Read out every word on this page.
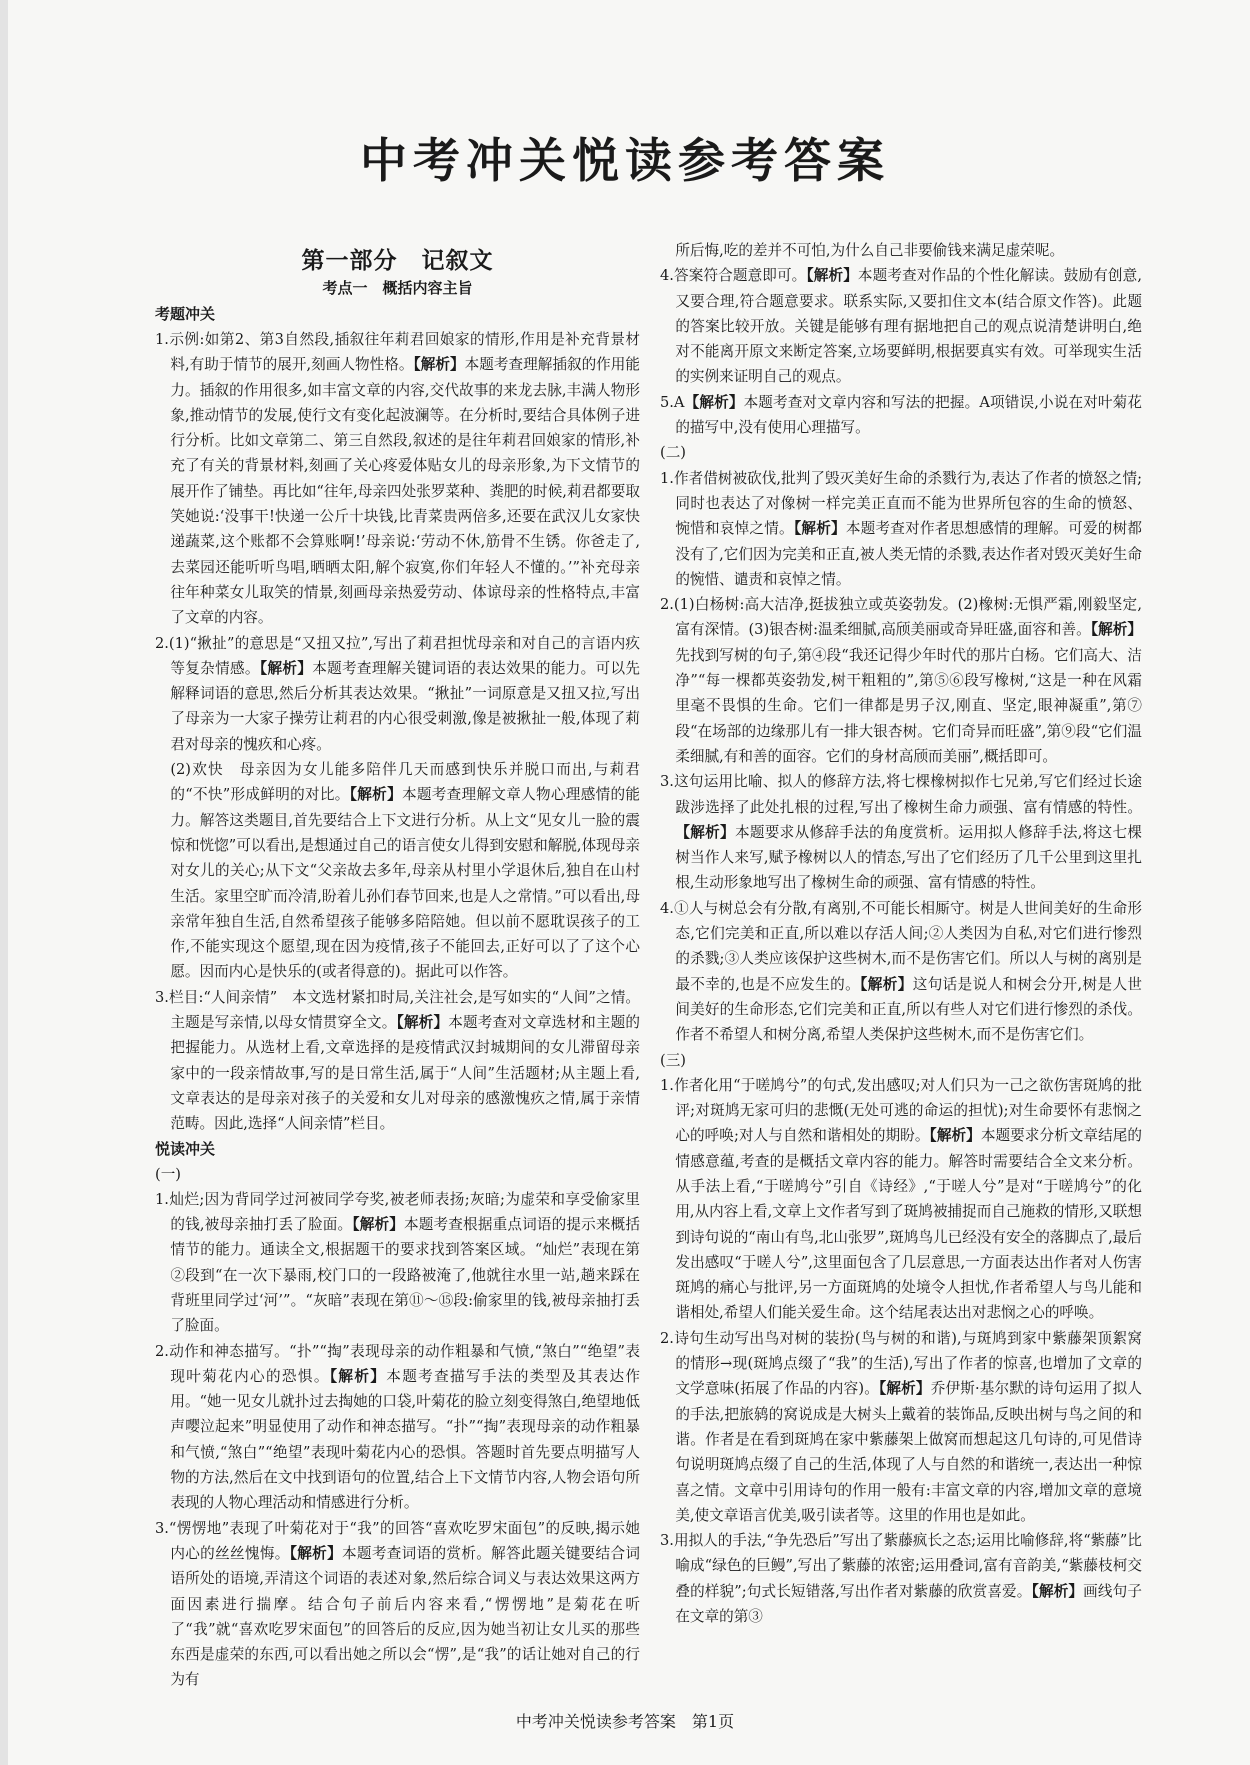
中考冲关悦读参考答案
第一部分　记叙文
考点一　概括内容主旨
考题冲关

1.示例:如第2、第3自然段,插叙往年莉君回娘家的情形,作用是补充背景材料,有助于情节的展开,刻画人物性格。【解析】本题考查理解插叙的作用能力。插叙的作用很多,如丰富文章的内容,交代故事的来龙去脉,丰满人物形象,推动情节的发展,使行文有变化起波澜等。在分析时,要结合具体例子进行分析。比如文章第二、第三自然段,叙述的是往年莉君回娘家的情形,补充了有关的背景材料,刻画了关心疼爱体贴女儿的母亲形象,为下文情节的展开作了铺垫。再比如“往年,母亲四处张罗菜种、粪肥的时候,莉君都要取笑她说:‘没事干!快递一公斤十块钱,比青菜贵两倍多,还要在武汉儿女家快递蔬菜,这个账都不会算账啊!’母亲说:‘劳动不休,筋骨不生锈。你爸走了,去菜园还能听听鸟唱,晒晒太阳,解个寂寞,你们年轻人不懂的。’”补充母亲往年种菜女儿取笑的情景,刻画母亲热爱劳动、体谅母亲的性格特点,丰富了文章的内容。

2.(1)“揪扯”的意思是“又扭又拉”,写出了莉君担忧母亲和对自己的言语内疚等复杂情感。【解析】本题考查理解关键词语的表达效果的能力。可以先解释词语的意思,然后分析其表达效果。“揪扯”一词原意是又扭又拉,写出了母亲为一大家子操劳让莉君的内心很受刺激,像是被揪扯一般,体现了莉君对母亲的愧疚和心疼。

(2)欢快　母亲因为女儿能多陪伴几天而感到快乐并脱口而出,与莉君的“不快”形成鲜明的对比。【解析】本题考查理解文章人物心理感情的能力。解答这类题目,首先要结合上下文进行分析。从上文“见女儿一脸的震惊和恍惚”可以看出,是想通过自己的语言使女儿得到安慰和解脱,体现母亲对女儿的关心;从下文“父亲故去多年,母亲从村里小学退休后,独自在山村生活。家里空旷而冷清,盼着儿孙们春节回来,也是人之常情。”可以看出,母亲常年独自生活,自然希望孩子能够多陪陪她。但以前不愿耽误孩子的工作,不能实现这个愿望,现在因为疫情,孩子不能回去,正好可以了了这个心愿。因而内心是快乐的(或者得意的)。据此可以作答。

3.栏目:“人间亲情”　本文选材紧扣时局,关注社会,是写如实的“人间”之情。主题是写亲情,以母女情贯穿全文。【解析】本题考查对文章选材和主题的把握能力。从选材上看,文章选择的是疫情武汉封城期间的女儿滞留母亲家中的一段亲情故事,写的是日常生活,属于“人间”生活题材;从主题上看,文章表达的是母亲对孩子的关爱和女儿对母亲的感激愧疚之情,属于亲情范畴。因此,选择“人间亲情”栏目。

悦读冲关

(一)

1.灿烂;因为背同学过河被同学夸奖,被老师表扬;灰暗;为虚荣和享受偷家里的钱,被母亲抽打丢了脸面。【解析】本题考查根据重点词语的提示来概括情节的能力。通读全文,根据题干的要求找到答案区域。“灿烂”表现在第②段到“在一次下暴雨,校门口的一段路被淹了,他就往水里一站,趟来踩在背班里同学过‘河’”。“灰暗”表现在第⑪～⑮段:偷家里的钱,被母亲抽打丢了脸面。

2.动作和神态描写。“扑”“掏”表现母亲的动作粗暴和气愤,“煞白”“绝望”表现叶菊花内心的恐惧。【解析】本题考查描写手法的类型及其表达作用。“她一见女儿就扑过去掏她的口袋,叶菊花的脸立刻变得煞白,绝望地低声嘤泣起来”明显使用了动作和神态描写。“扑”“掏”表现母亲的动作粗暴和气愤,“煞白”“绝望”表现叶菊花内心的恐惧。答题时首先要点明描写人物的方法,然后在文中找到语句的位置,结合上下文情节内容,人物会语句所表现的人物心理活动和情感进行分析。

3.“愣愣地”表现了叶菊花对于“我”的回答“喜欢吃罗宋面包”的反映,揭示她内心的丝丝愧悔。【解析】本题考查词语的赏析。解答此题关键要结合词语所处的语境,弄清这个词语的表述对象,然后综合词义与表达效果这两方面因素进行揣摩。结合句子前后内容来看,“愣愣地”是菊花在听了“我”就“喜欢吃罗宋面包”的回答后的反应,因为她当初让女儿买的那些东西是虚荣的东西,可以看出她之所以会“愣”,是“我”的话让她对自己的行为有

所后悔,吃的差并不可怕,为什么自己非要偷钱来满足虚荣呢。

4.答案符合题意即可。【解析】本题考查对作品的个性化解读。鼓励有创意,又要合理,符合题意要求。联系实际,又要扣住文本(结合原文作答)。此题的答案比较开放。关键是能够有理有据地把自己的观点说清楚讲明白,绝对不能离开原文来断定答案,立场要鲜明,根据要真实有效。可举现实生活的实例来证明自己的观点。

5.A【解析】本题考查对文章内容和写法的把握。A项错误,小说在对叶菊花的描写中,没有使用心理描写。

(二)

1.作者借树被砍伐,批判了毁灭美好生命的杀戮行为,表达了作者的愤怒之情;同时也表达了对像树一样完美正直而不能为世界所包容的生命的愤怒、惋惜和哀悼之情。【解析】本题考查对作者思想感情的理解。可爱的树都没有了,它们因为完美和正直,被人类无情的杀戮,表达作者对毁灭美好生命的惋惜、谴责和哀悼之情。

2.(1)白杨树:高大洁净,挺拔独立或英姿勃发。(2)橡树:无惧严霜,刚毅坚定,富有深情。(3)银杏树:温柔细腻,高颀美丽或奇异旺盛,面容和善。【解析】先找到写树的句子,第④段“我还记得少年时代的那片白杨。它们高大、洁净”“每一棵都英姿勃发,树干粗粗的”,第⑤⑥段写橡树,“这是一种在风霜里毫不畏惧的生命。它们一律都是男子汉,刚直、坚定,眼神凝重”,第⑦段“在场部的边缘那儿有一排大银杏树。它们奇异而旺盛”,第⑨段“它们温柔细腻,有和善的面容。它们的身材高颀而美丽”,概括即可。

3.这句运用比喻、拟人的修辞方法,将七棵橡树拟作七兄弟,写它们经过长途跋涉选择了此处扎根的过程,写出了橡树生命力顽强、富有情感的特性。【解析】本题要求从修辞手法的角度赏析。运用拟人修辞手法,将这七棵树当作人来写,赋予橡树以人的情态,写出了它们经历了几千公里到这里扎根,生动形象地写出了橡树生命的顽强、富有情感的特性。

4.①人与树总会有分散,有离别,不可能长相厮守。树是人世间美好的生命形态,它们完美和正直,所以难以存活人间;②人类因为自私,对它们进行惨烈的杀戮;③人类应该保护这些树木,而不是伤害它们。所以人与树的离别是最不幸的,也是不应发生的。【解析】这句话是说人和树会分开,树是人世间美好的生命形态,它们完美和正直,所以有些人对它们进行惨烈的杀伐。作者不希望人和树分离,希望人类保护这些树木,而不是伤害它们。

(三)

1.作者化用“于嗟鸠兮”的句式,发出感叹;对人们只为一己之欲伤害斑鸠的批评;对斑鸠无家可归的悲慨(无处可逃的命运的担忧);对生命要怀有悲悯之心的呼唤;对人与自然和谐相处的期盼。【解析】本题要求分析文章结尾的情感意蕴,考查的是概括文章内容的能力。解答时需要结合全文来分析。从手法上看,“于嗟鸠兮”引自《诗经》,“于嗟人兮”是对“于嗟鸠兮”的化用,从内容上看,文章上文作者写到了斑鸠被捕捉而自己施救的情形,又联想到诗句说的“南山有鸟,北山张罗”,斑鸠鸟儿已经没有安全的落脚点了,最后发出感叹“于嗟人兮”,这里面包含了几层意思,一方面表达出作者对人伤害斑鸠的痛心与批评,另一方面斑鸠的处境令人担忧,作者希望人与鸟儿能和谐相处,希望人们能关爱生命。这个结尾表达出对悲悯之心的呼唤。

2.诗句生动写出鸟对树的装扮(鸟与树的和谐),与斑鸠到家中紫藤架顶絮窝的情形→现(斑鸠点缀了“我”的生活),写出了作者的惊喜,也增加了文章的文学意味(拓展了作品的内容)。【解析】乔伊斯·基尔默的诗句运用了拟人的手法,把旅鸫的窝说成是大树头上戴着的装饰品,反映出树与鸟之间的和谐。作者是在看到斑鸠在家中紫藤架上做窝而想起这几句诗的,可见借诗句说明斑鸠点缀了自己的生活,体现了人与自然的和谐统一,表达出一种惊喜之情。文章中引用诗句的作用一般有:丰富文章的内容,增加文章的意境美,使文章语言优美,吸引读者等。这里的作用也是如此。

3.用拟人的手法,“争先恐后”写出了紫藤疯长之态;运用比喻修辞,将“紫藤”比喻成“绿色的巨鳗”,写出了紫藤的浓密;运用叠词,富有音韵美,“紫藤枝柯交叠的样貌”;句式长短错落,写出作者对紫藤的欣赏喜爱。【解析】画线句子在文章的第③

中考冲关悦读参考答案　第1页
